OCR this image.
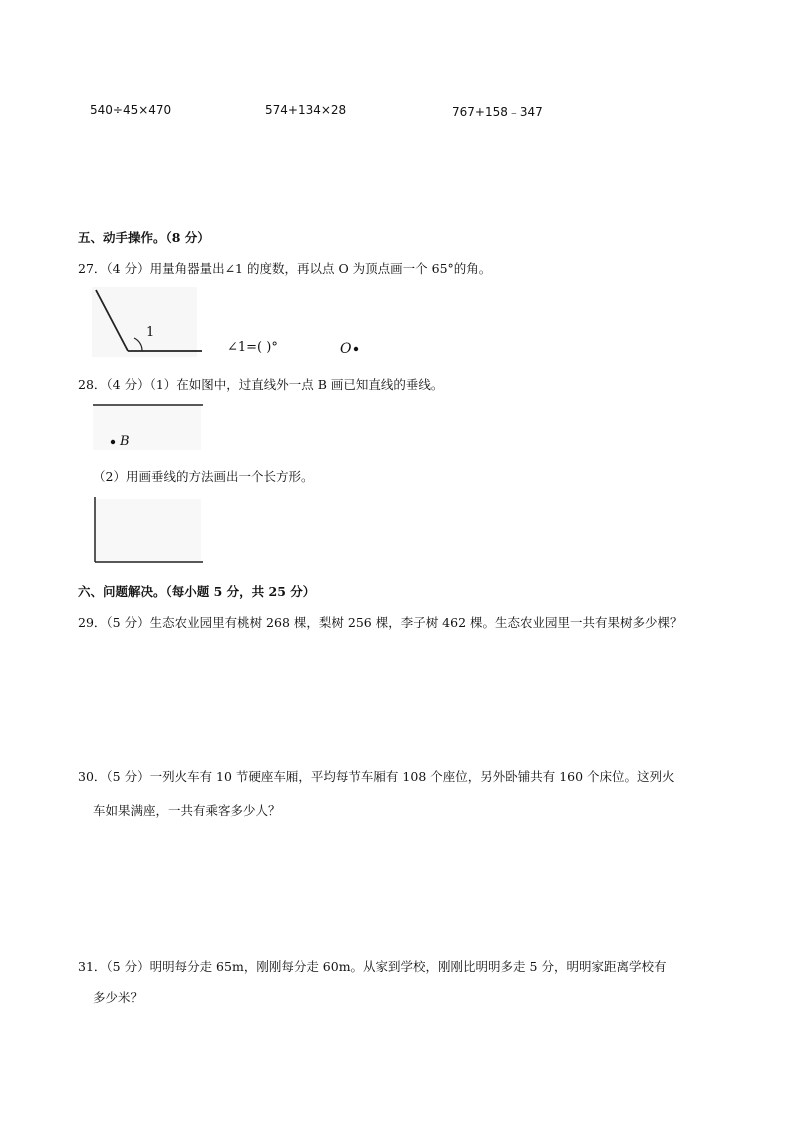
540÷45×470	574+134×28	767+158﹣347
五、动手操作。（8 分）
27．（4 分）用量角器量出∠1 的度数，再以点 O 为顶点画一个 65°的角。
1
∠1=( )°	O
28．（4 分）（1）在如图中，过直线外一点 B 画已知直线的垂线。
B
（2）用画垂线的方法画出一个长方形。
六、问题解决。（每小题 5 分，共 25 分）
29．（5 分）生态农业园里有桃树 268 棵，梨树 256 棵，李子树 462 棵。生态农业园里一共有果树多少棵？
30．（5 分）一列火车有 10 节硬座车厢，平均每节车厢有 108 个座位，另外卧铺共有 160 个床位。这列火
车如果满座，一共有乘客多少人？
31．（5 分）明明每分走 65m，刚刚每分走 60m。从家到学校，刚刚比明明多走 5 分，明明家距离学校有
多少米？
